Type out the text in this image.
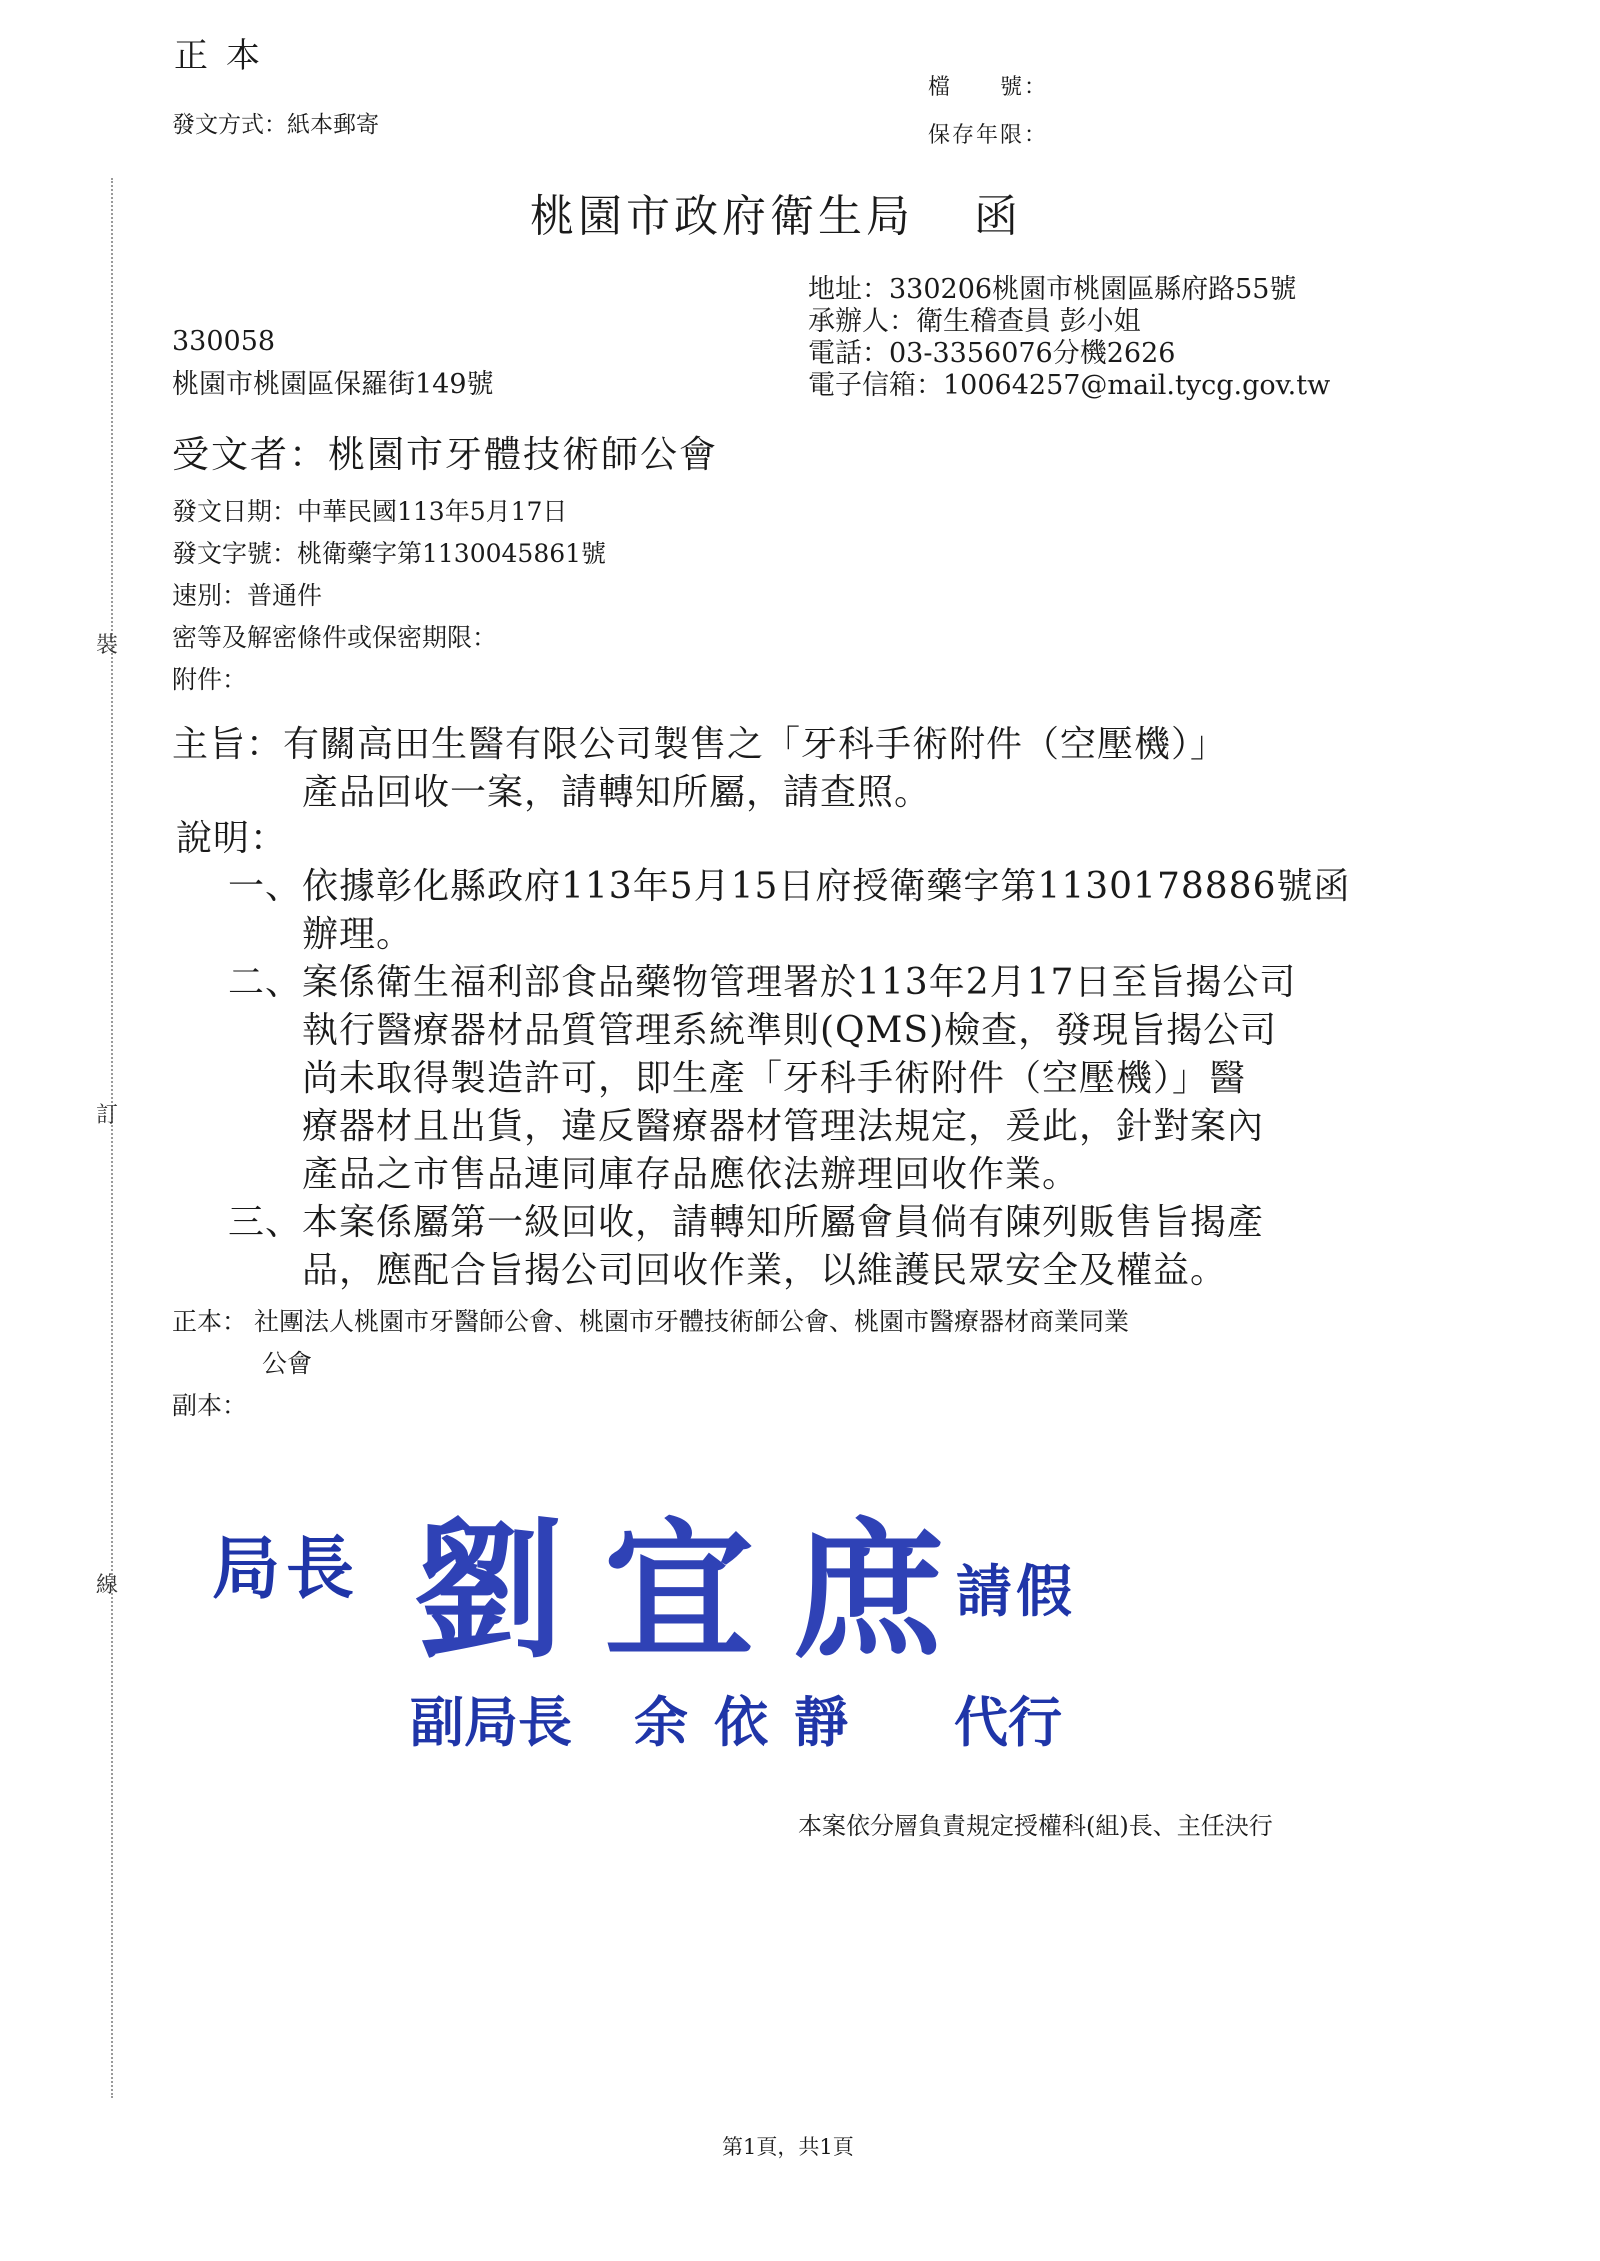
裝
訂
線
正本
檔　　號：
保存年限：
發文方式：紙本郵寄
桃園市政府衛生局 函
地址：330206桃園市桃園區縣府路55號
承辦人：衛生稽查員 彭小姐
電話：03-3356076分機2626
電子信箱：10064257@mail.tycg.gov.tw
330058
桃園市桃園區保羅街149號
受文者：桃園市牙體技術師公會
發文日期：中華民國113年5月17日
發文字號：桃衛藥字第1130045861號
速別：普通件
密等及解密條件或保密期限：
附件：
主旨：有關高田生醫有限公司製售之「牙科手術附件（空壓機）」
產品回收一案，請轉知所屬，請查照。
說明：
一、 依據彰化縣政府113年5月15日府授衛藥字第1130178886號函
辦理。
二、 案係衛生福利部食品藥物管理署於113年2月17日至旨揭公司
執行醫療器材品質管理系統準則(QMS)檢查，發現旨揭公司
尚未取得製造許可，即生產「牙科手術附件（空壓機）」醫
療器材且出貨，違反醫療器材管理法規定，爰此，針對案內
產品之市售品連同庫存品應依法辦理回收作業。
三、 本案係屬第一級回收，請轉知所屬會員倘有陳列販售旨揭產
品，應配合旨揭公司回收作業，以維護民眾安全及權益。
正本： 社團法人桃園市牙醫師公會、桃園市牙體技術師公會、桃園市醫療器材商業同業
公會
副本：
局長 劉宜庶
請假
副局長 余依靜 代行
本案依分層負責規定授權科(組)長、主任決行
第1頁，共1頁
